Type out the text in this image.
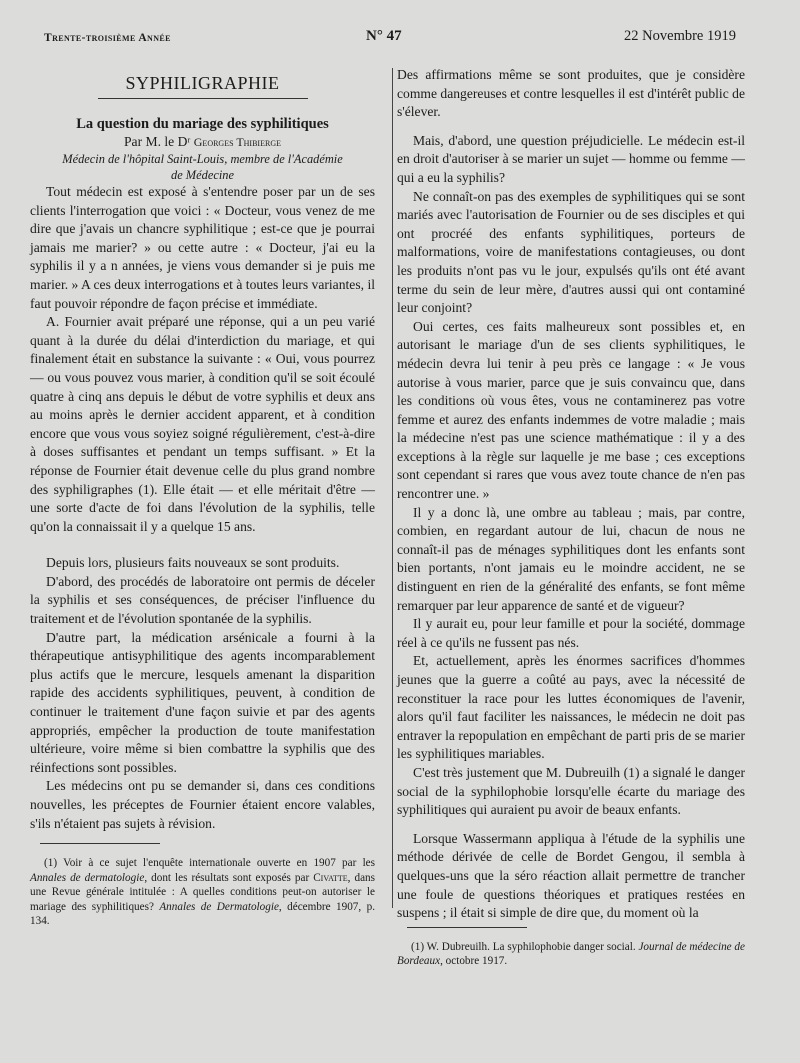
Trente-troisième Année	N° 47	22 Novembre 1919
SYPHILIGRAPHIE
La question du mariage des syphilitiques
Par M. le Dʳ Georges Thibierge
Médecin de l'hôpital Saint-Louis, membre de l'Académie
de Médecine

Tout médecin est exposé à s'entendre poser par un de ses clients l'interrogation que voici : « Docteur, vous venez de me dire que j'avais un chancre syphilitique ; est-ce que je pourrai jamais me marier? » ou cette autre : « Docteur, j'ai eu la syphilis il y a n années, je viens vous demander si je puis me marier. » A ces deux interrogations et à toutes leurs variantes, il faut pouvoir répondre de façon précise et immédiate.

A. Fournier avait préparé une réponse, qui a un peu varié quant à la durée du délai d'interdiction du mariage, et qui finalement était en substance la suivante : « Oui, vous pourrez — ou vous pouvez vous marier, à condition qu'il se soit écoulé quatre à cinq ans depuis le début de votre syphilis et deux ans au moins après le dernier accident apparent, et à condition encore que vous vous soyiez soigné régulièrement, c'est-à-dire à doses suffisantes et pendant un temps suffisant. » Et la réponse de Fournier était devenue celle du plus grand nombre des syphiligraphes (1). Elle était — et elle méritait d'être — une sorte d'acte de foi dans l'évolution de la syphilis, telle qu'on la connaissait il y a quelque 15 ans.

Depuis lors, plusieurs faits nouveaux se sont produits.

D'abord, des procédés de laboratoire ont permis de déceler la syphilis et ses conséquences, de préciser l'influence du traitement et de l'évolution spontanée de la syphilis.

D'autre part, la médication arsénicale a fourni à la thérapeutique antisyphilitique des agents incomparablement plus actifs que le mercure, lesquels amenant la disparition rapide des accidents syphilitiques, peuvent, à condition de continuer le traitement d'une façon suivie et par des agents appropriés, empêcher la production de toute manifestation ultérieure, voire même si bien combattre la syphilis que des réinfections sont possibles.

Les médecins ont pu se demander si, dans ces conditions nouvelles, les préceptes de Fournier étaient encore valables, s'ils n'étaient pas sujets à révision.

(1) Voir à ce sujet l'enquête internationale ouverte en 1907 par les Annales de dermatologie, dont les résultats sont exposés par Civatte, dans une Revue générale intitulée : A quelles conditions peut-on autoriser le mariage des syphilitiques? Annales de Dermatologie, décembre 1907, p. 134.

Des affirmations même se sont produites, que je considère comme dangereuses et contre lesquelles il est d'intérêt public de s'élever.

Mais, d'abord, une question préjudicielle. Le médecin est-il en droit d'autoriser à se marier un sujet — homme ou femme — qui a eu la syphilis?

Ne connaît-on pas des exemples de syphilitiques qui se sont mariés avec l'autorisation de Fournier ou de ses disciples et qui ont procréé des enfants syphilitiques, porteurs de malformations, voire de manifestations contagieuses, ou dont les produits n'ont pas vu le jour, expulsés qu'ils ont été avant terme du sein de leur mère, d'autres aussi qui ont contaminé leur conjoint?

Oui certes, ces faits malheureux sont possibles et, en autorisant le mariage d'un de ses clients syphilitiques, le médecin devra lui tenir à peu près ce langage : « Je vous autorise à vous marier, parce que je suis convaincu que, dans les conditions où vous êtes, vous ne contaminerez pas votre femme et aurez des enfants indemmes de votre maladie ; mais la médecine n'est pas une science mathématique : il y a des exceptions à la règle sur laquelle je me base ; ces exceptions sont cependant si rares que vous avez toute chance de n'en pas rencontrer une. »

Il y a donc là, une ombre au tableau ; mais, par contre, combien, en regardant autour de lui, chacun de nous ne connaît-il pas de ménages syphilitiques dont les enfants sont bien portants, n'ont jamais eu le moindre accident, ne se distinguent en rien de la généralité des enfants, se font même remarquer par leur apparence de santé et de vigueur?

Il y aurait eu, pour leur famille et pour la société, dommage réel à ce qu'ils ne fussent pas nés.

Et, actuellement, après les énormes sacrifices d'hommes jeunes que la guerre a coûté au pays, avec la nécessité de reconstituer la race pour les luttes économiques de l'avenir, alors qu'il faut faciliter les naissances, le médecin ne doit pas entraver la repopulation en empêchant de parti pris de se marier les syphilitiques mariables.

C'est très justement que M. Dubreuilh (1) a signalé le danger social de la syphilophobie lorsqu'elle écarte du mariage des syphilitiques qui auraient pu avoir de beaux enfants.

Lorsque Wassermann appliqua à l'étude de la syphilis une méthode dérivée de celle de Bordet Gengou, il sembla à quelques-uns que la séro réaction allait permettre de trancher une foule de questions théoriques et pratiques restées en suspens ; il était si simple de dire que, du moment où la

(1) W. Dubreuilh. La syphilophobie danger social. Journal de médecine de Bordeaux, octobre 1917.
